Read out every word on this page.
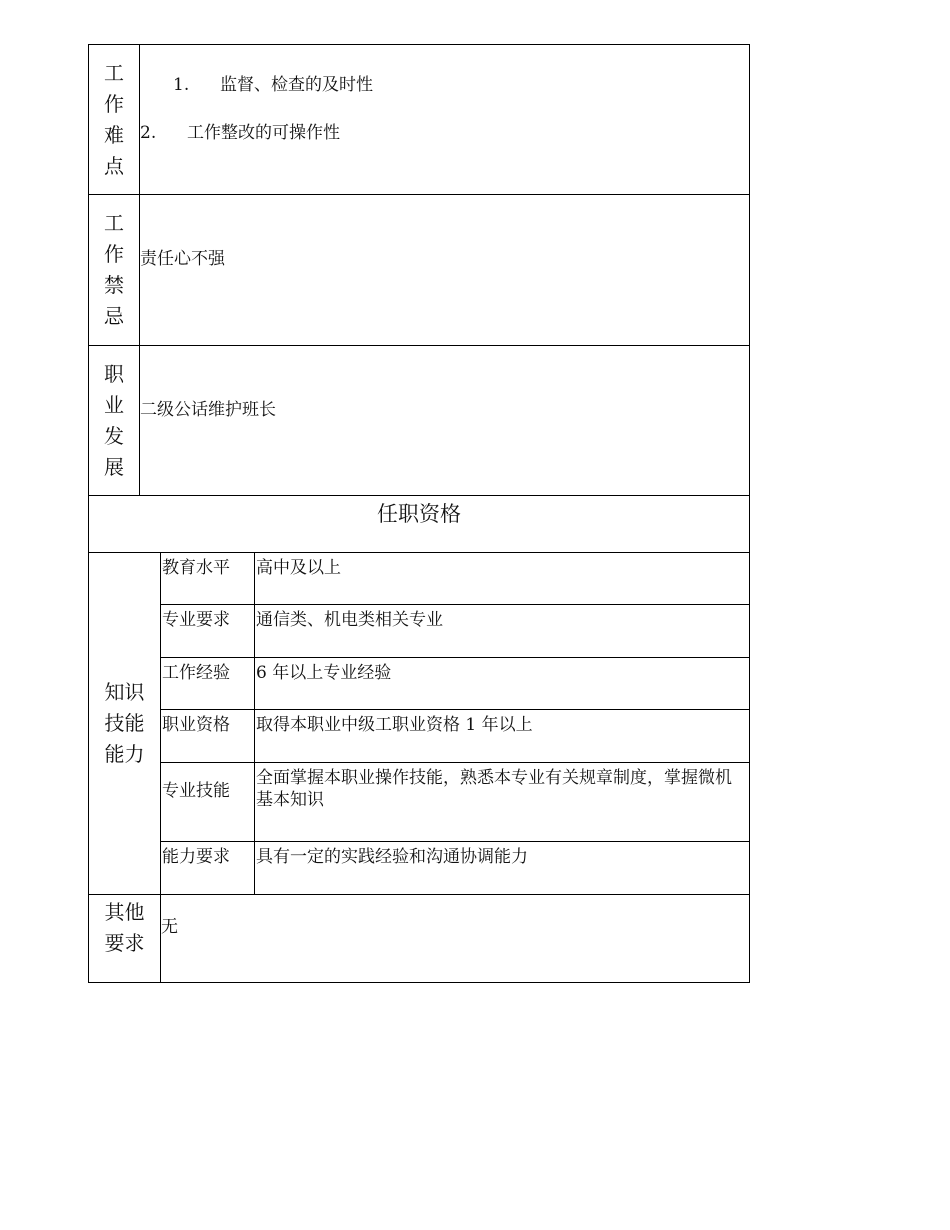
工作难点	1. 监督、检查的及时性
2. 工作整改的可操作性		

工作禁忌	责任心不强		
职业发展	二级公话维护班长		
任职资格			
知识技能能力		教育水平	高中及以上
		专业要求	通信类、机电类相关专业
		工作经验	6 年以上专业经验
		职业资格	取得本职业中级工职业资格 1 年以上
		专业技能	全面掌握本职业操作技能，熟悉本专业有关规章制度，掌握微机基本知识
		能力要求	具有一定的实践经验和沟通协调能力
其他要求		无	
